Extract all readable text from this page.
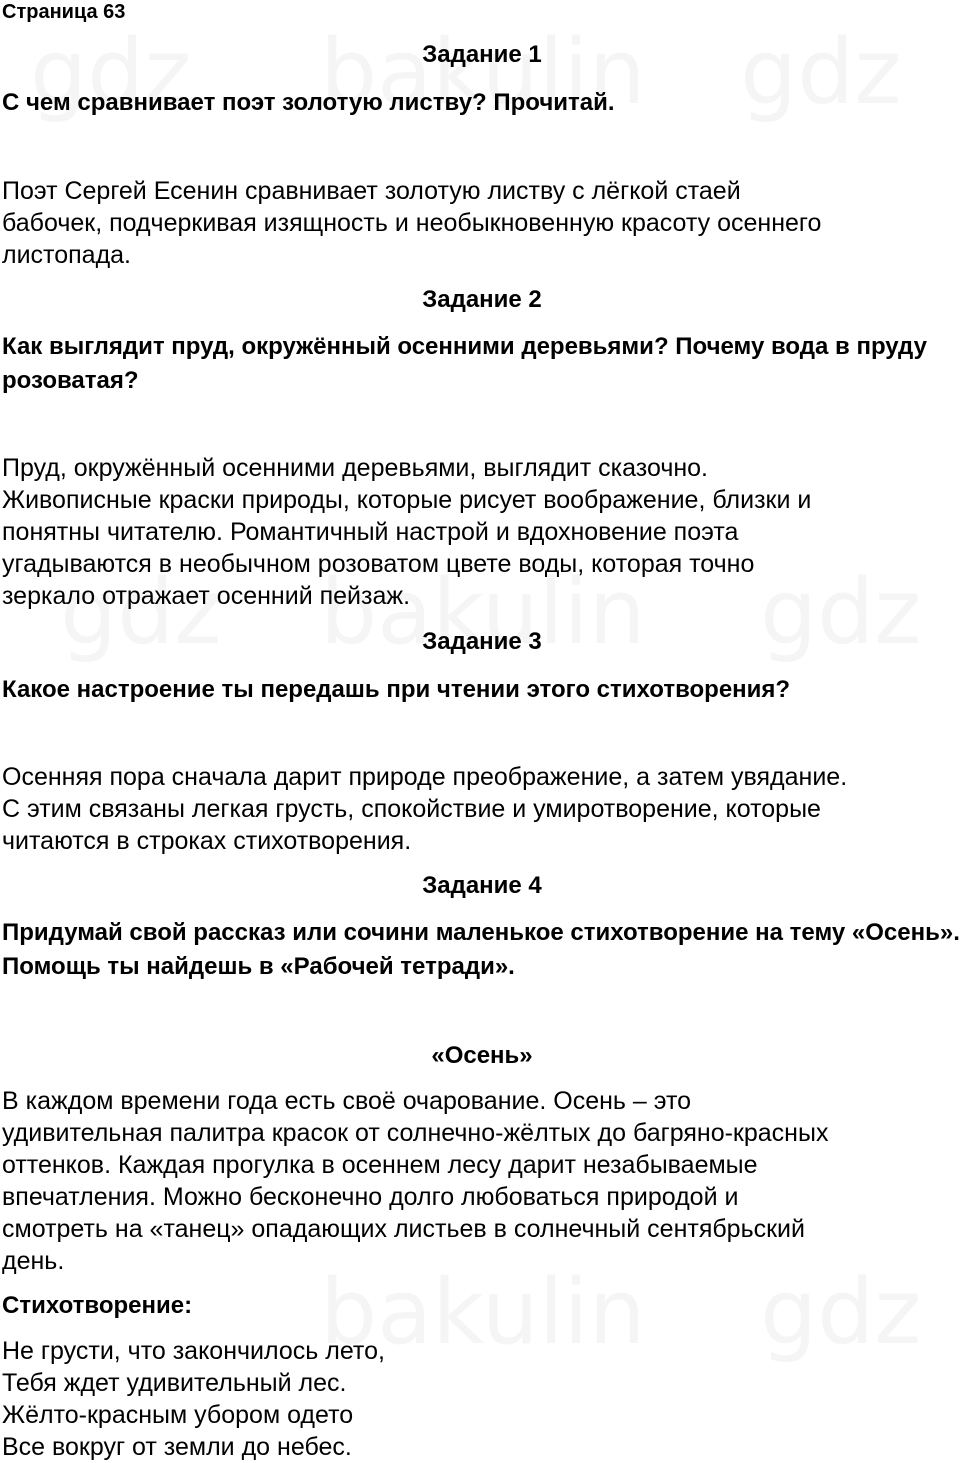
Страница 63
Задание 1
С чем сравнивает поэт золотую листву? Прочитай.
Поэт Сергей Есенин сравнивает золотую листву с лёгкой стаей
бабочек, подчеркивая изящность и необыкновенную красоту осеннего
листопада.
Задание 2
Как выглядит пруд, окружённый осенними деревьями? Почему вода в пруду розоватая?
Пруд, окружённый осенними деревьями, выглядит сказочно.
Живописные краски природы, которые рисует воображение, близки и
понятны читателю. Романтичный настрой и вдохновение поэта
угадываются в необычном розоватом цвете воды, которая точно
зеркало отражает осенний пейзаж.
Задание 3
Какое настроение ты передашь при чтении этого стихотворения?
Осенняя пора сначала дарит природе преображение, а затем увядание.
С этим связаны легкая грусть, спокойствие и умиротворение, которые
читаются в строках стихотворения.
Задание 4
Придумай свой рассказ или сочини маленькое стихотворение на тему «Осень». Помощь ты найдешь в «Рабочей тетради».
«Осень»
В каждом времени года есть своё очарование. Осень – это
удивительная палитра красок от солнечно-жёлтых до багряно-красных
оттенков. Каждая прогулка в осеннем лесу дарит незабываемые
впечатления. Можно бесконечно долго любоваться природой и
смотреть на «танец» опадающих листьев в солнечный сентябрьский
день.
Стихотворение:
Не грусти, что закончилось лето,
Тебя ждет удивительный лес.
Жёлто-красным убором одето
Все вокруг от земли до небес.
